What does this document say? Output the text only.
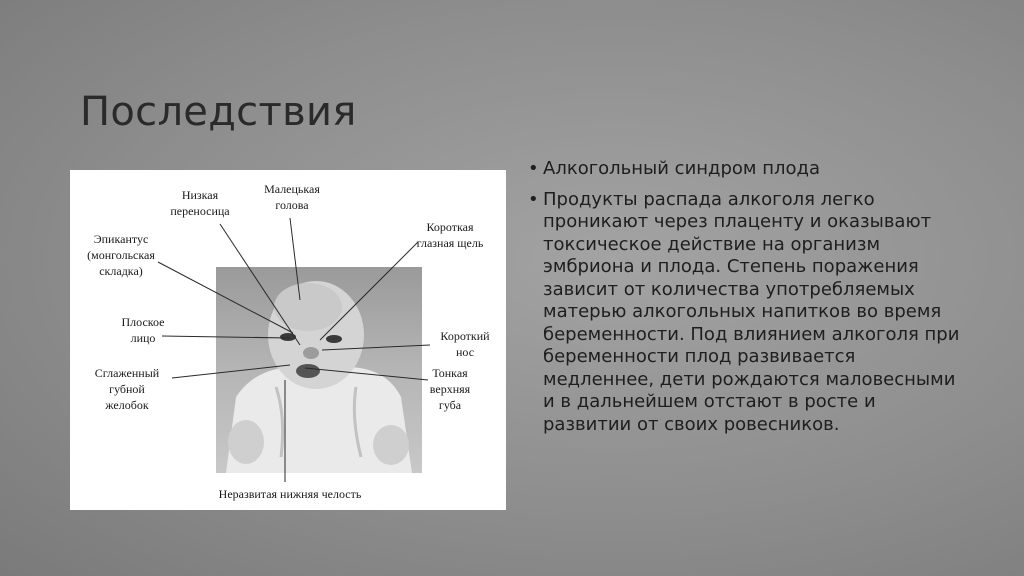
Последствия
Низкая
переносица
Малецькая
голова
Короткая
глазная щель
Эпикантус
(монгольская
складка)
Плоское
лицо	Короткий
нос
Сглаженный
губной
желобок
Тонкая
верхняя
губа
Неразвитая нижняя челость
• Алкогольный синдром плода
• Продукты распада алкоголя легко проникают через плаценту и оказывают токсическое действие на организм эмбриона и плода. Степень поражения зависит от количества употребляемых матерью алкогольных напитков во время беременности. Под влиянием алкоголя при беременности плод развивается медленнее, дети рождаются маловесными и в дальнейшем отстают в росте и развитии от своих ровесников.
